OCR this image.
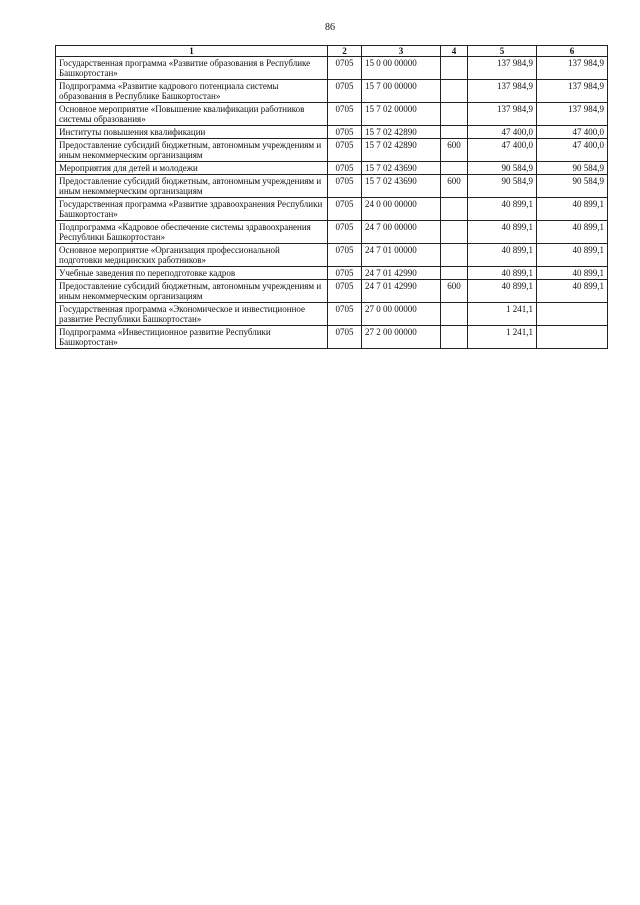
86
1	2	3	4	5	6
Государственная программа «Развитие образования в Республике Башкортостан»	0705	15 0 00 00000		137 984,9	137 984,9
Подпрограмма «Развитие кадрового потенциала системы образования в Республике Башкортостан»	0705	15 7 00 00000		137 984,9	137 984,9
Основное мероприятие «Повышение квалификации работников системы образования»	0705	15 7 02 00000		137 984,9	137 984,9
Институты повышения квалификации	0705	15 7 02 42890		47 400,0	47 400,0
Предоставление субсидий бюджетным, автономным учреждениям и иным некоммерческим организациям	0705	15 7 02 42890	600	47 400,0	47 400,0
Мероприятия для детей и молодежи	0705	15 7 02 43690		90 584,9	90 584,9
Предоставление субсидий бюджетным, автономным учреждениям и иным некоммерческим организациям	0705	15 7 02 43690	600	90 584,9	90 584,9
Государственная программа «Развитие здравоохранения Республики Башкортостан»	0705	24 0 00 00000		40 899,1	40 899,1
Подпрограмма «Кадровое обеспечение системы здравоохранения Республики Башкортостан»	0705	24 7 00 00000		40 899,1	40 899,1
Основное мероприятие «Организация профессиональной подготовки медицинских работников»	0705	24 7 01 00000		40 899,1	40 899,1
Учебные заведения по переподготовке кадров	0705	24 7 01 42990		40 899,1	40 899,1
Предоставление субсидий бюджетным, автономным учреждениям и иным некоммерческим организациям	0705	24 7 01 42990	600	40 899,1	40 899,1
Государственная программа «Экономическое и инвестиционное развитие Республики Башкортостан»	0705	27 0 00 00000		1 241,1	
Подпрограмма «Инвестиционное развитие Республики Башкортостан»	0705	27 2 00 00000		1 241,1	
